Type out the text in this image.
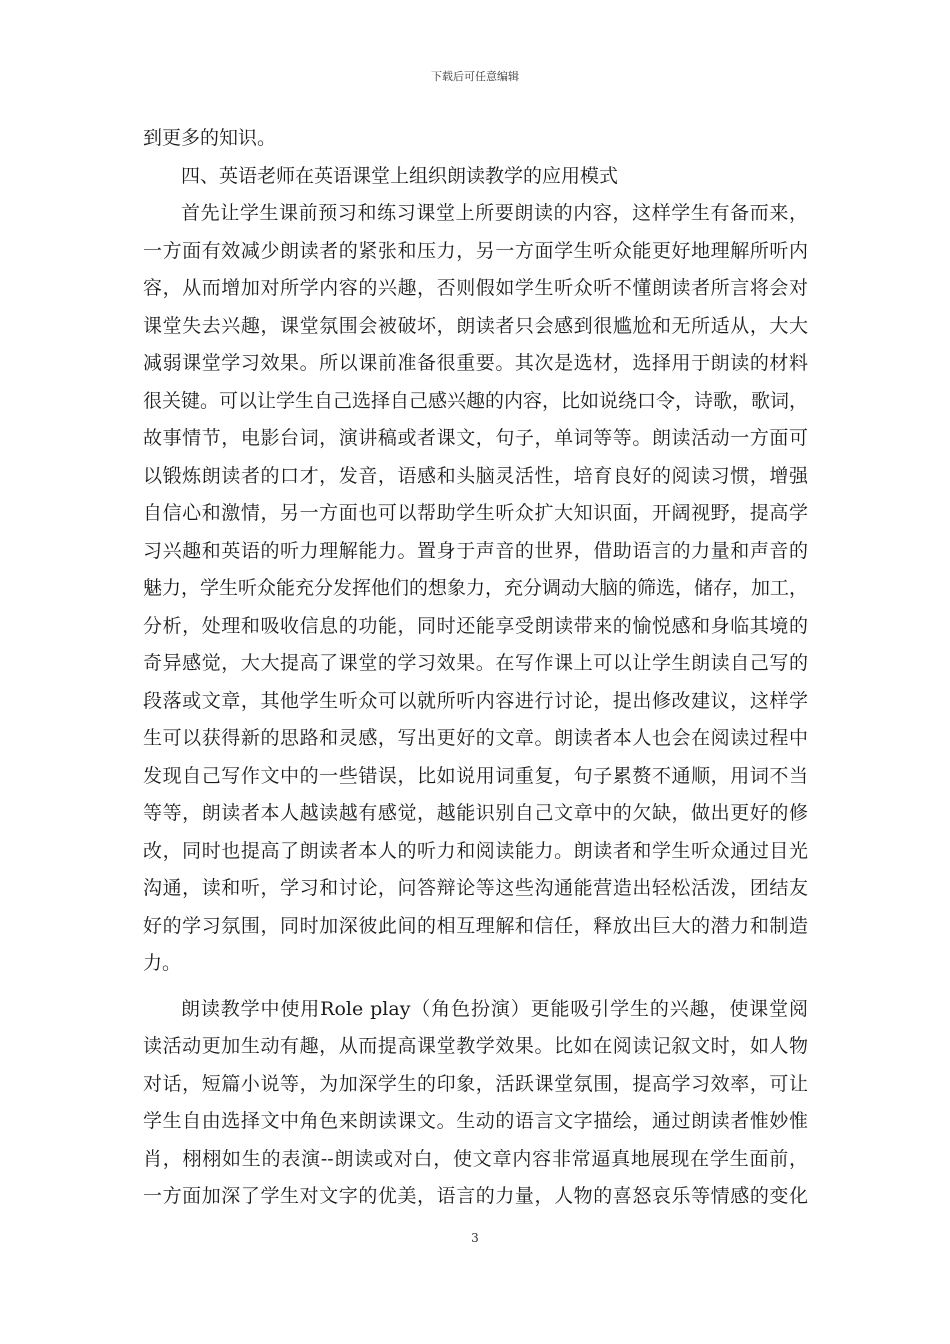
下载后可任意编辑
到更多的知识。
四、英语老师在英语课堂上组织朗读教学的应用模式
首先让学生课前预习和练习课堂上所要朗读的内容，这样学生有备而来，
一方面有效减少朗读者的紧张和压力，另一方面学生听众能更好地理解所听内
容，从而增加对所学内容的兴趣，否则假如学生听众听不懂朗读者所言将会对
课堂失去兴趣，课堂氛围会被破坏，朗读者只会感到很尴尬和无所适从，大大
减弱课堂学习效果。所以课前准备很重要。其次是选材，选择用于朗读的材料
很关键。可以让学生自己选择自己感兴趣的内容，比如说绕口令，诗歌，歌词，
故事情节，电影台词，演讲稿或者课文，句子，单词等等。朗读活动一方面可
以锻炼朗读者的口才，发音，语感和头脑灵活性，培育良好的阅读习惯，增强
自信心和激情，另一方面也可以帮助学生听众扩大知识面，开阔视野，提高学
习兴趣和英语的听力理解能力。置身于声音的世界，借助语言的力量和声音的
魅力，学生听众能充分发挥他们的想象力，充分调动大脑的筛选，储存，加工，
分析，处理和吸收信息的功能，同时还能享受朗读带来的愉悦感和身临其境的
奇异感觉，大大提高了课堂的学习效果。在写作课上可以让学生朗读自己写的
段落或文章，其他学生听众可以就所听内容进行讨论，提出修改建议，这样学
生可以获得新的思路和灵感，写出更好的文章。朗读者本人也会在阅读过程中
发现自己写作文中的一些错误，比如说用词重复，句子累赘不通顺，用词不当
等等，朗读者本人越读越有感觉，越能识别自己文章中的欠缺，做出更好的修
改，同时也提高了朗读者本人的听力和阅读能力。朗读者和学生听众通过目光
沟通，读和听，学习和讨论，问答辩论等这些沟通能营造出轻松活泼，团结友
好的学习氛围，同时加深彼此间的相互理解和信任，释放出巨大的潜力和制造
力。
朗读教学中使用Role play（角色扮演）更能吸引学生的兴趣，使课堂阅
读活动更加生动有趣，从而提高课堂教学效果。比如在阅读记叙文时，如人物
对话，短篇小说等，为加深学生的印象，活跃课堂氛围，提高学习效率，可让
学生自由选择文中角色来朗读课文。生动的语言文字描绘，通过朗读者惟妙惟
肖，栩栩如生的表演--朗读或对白，使文章内容非常逼真地展现在学生面前，
一方面加深了学生对文字的优美，语言的力量，人物的喜怒哀乐等情感的变化
3
